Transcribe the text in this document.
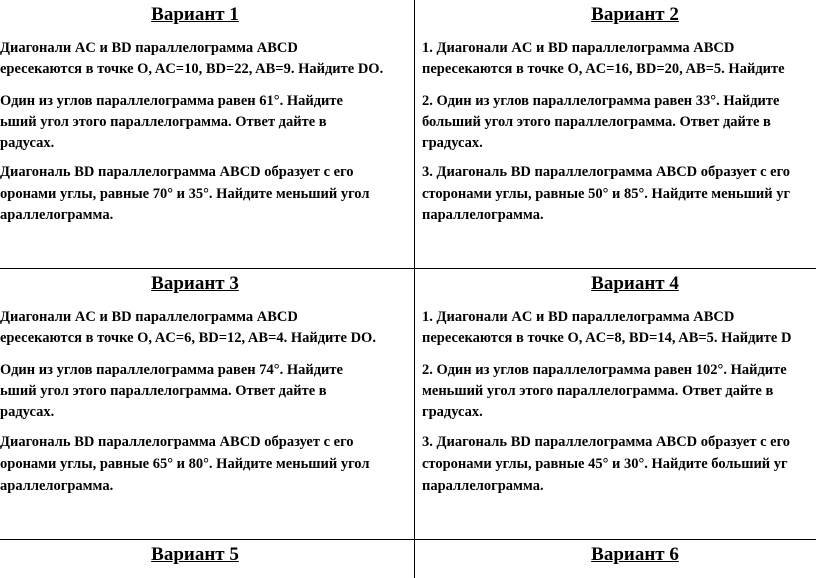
Вариант 1
Диагонали AC и BD параллелограмма ABCD
ересекаются в точке O, AC=10, BD=22, AB=9. Найдите DO.
Один из углов параллелограмма равен 61°. Найдите
ьший угол этого параллелограмма. Ответ дайте в
радусах.
Диагональ BD параллелограмма ABCD образует с его
оронами углы, равные 70° и 35°. Найдите меньший угол
араллелограмма.
Вариант 2
1. Диагонали AC и BD параллелограмма ABCD
пересекаются в точке O, AC=16, BD=20, AB=5. Найдите
2. Один из углов параллелограмма равен 33°. Найдите
больший угол этого параллелограмма. Ответ дайте в
градусах.
3. Диагональ BD параллелограмма ABCD образует с его
сторонами углы, равные 50° и 85°. Найдите меньший уг
параллелограмма.
Вариант 3
Диагонали AC и BD параллелограмма ABCD
ересекаются в точке O, AC=6, BD=12, AB=4. Найдите DO.
Один из углов параллелограмма равен 74°. Найдите
ьший угол этого параллелограмма. Ответ дайте в
радусах.
Диагональ BD параллелограмма ABCD образует с его
оронами углы, равные 65° и 80°. Найдите меньший угол
араллелограмма.
Вариант 4
1. Диагонали AC и BD параллелограмма ABCD
пересекаются в точке O, AC=8, BD=14, AB=5. Найдите D
2. Один из углов параллелограмма равен 102°. Найдите
меньший угол этого параллелограмма. Ответ дайте в
градусах.
3. Диагональ BD параллелограмма ABCD образует с его
сторонами углы, равные 45° и 30°. Найдите больший уг
параллелограмма.
Вариант 5	Вариант 6
